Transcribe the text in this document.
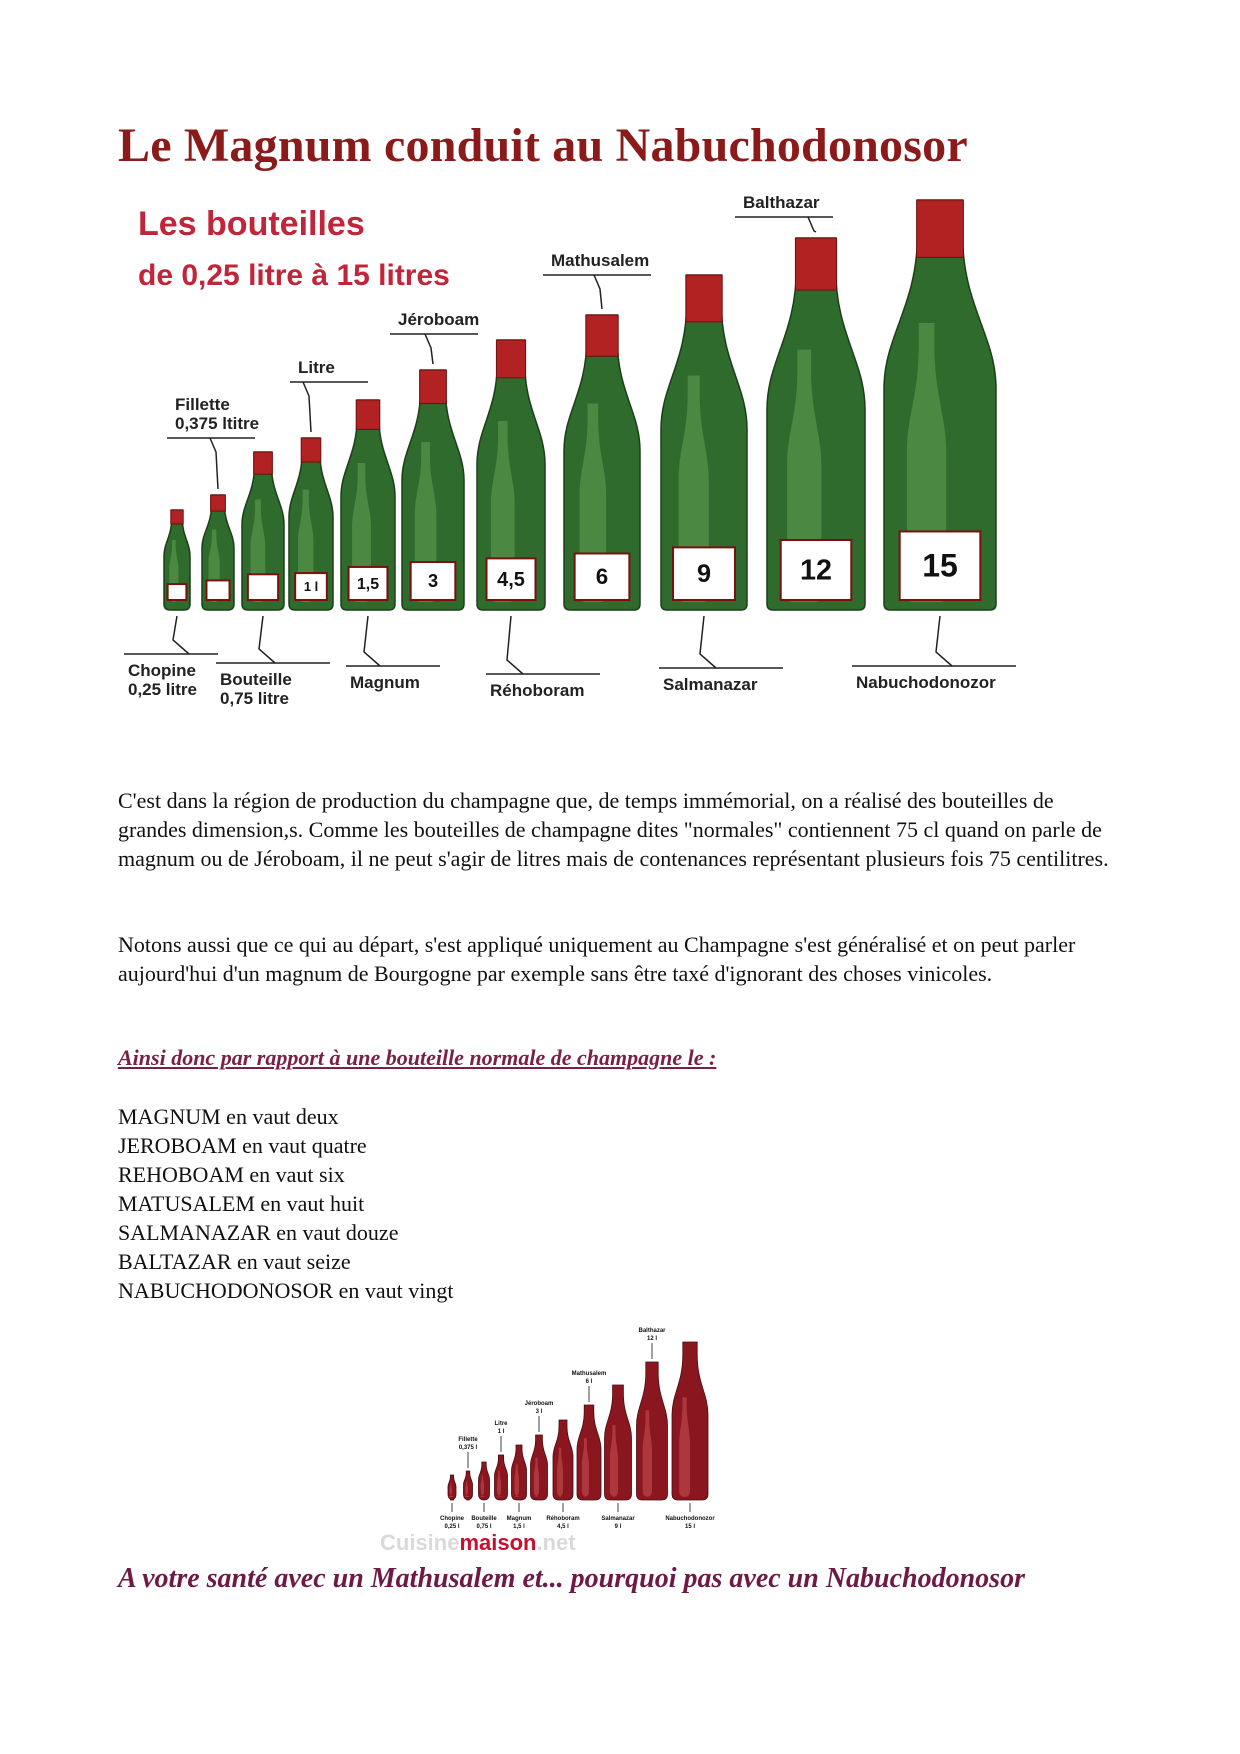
Le Magnum conduit au Nabuchodonosor
Les bouteilles
de 0,25 litre à 15 litres
Chopine
0,25 litre
Fillette
0,375 ltitre
Bouteille
0,75 litre
1 l
Litre
1,5
Magnum
3
Jéroboam
4,5
Réhoboram
6
Mathusalem
9
Salmanazar
12
Balthazar
15
Nabuchodonozor

C'est dans la région de production du champagne que, de temps immémorial, on a réalisé des bouteilles de grandes dimension,s. Comme les bouteilles de champagne dites "normales" contiennent 75 cl quand on parle de magnum ou de Jéroboam, il ne peut s'agir de litres mais de contenances représentant plusieurs fois 75 centilitres.

Notons aussi que ce qui au départ, s'est appliqué uniquement au Champagne s'est généralisé et on peut parler aujourd'hui d'un magnum de Bourgogne par exemple sans être taxé d'ignorant des choses vinicoles.

Ainsi donc par rapport à une bouteille normale de champagne le :

MAGNUM en vaut deux
JEROBOAM en vaut quatre
REHOBOAM en vaut six
MATUSALEM en vaut huit
SALMANAZAR en vaut douze
BALTAZAR en vaut seize
NABUCHODONOSOR en vaut vingt
Fillette
0,375 l
Litre
1 l
Jéroboam
3 l
Mathusalem
6 l
Balthazar
12 l
Chopine
0,25 l
Bouteille
0,75 l
Magnum
1,5 l
Réhoboram
4,5 l
Salmanazar
9 l
Nabuchodonozor
15 l
Cuisinemaison.net

A votre santé avec un Mathusalem et... pourquoi pas avec un Nabuchodonosor
